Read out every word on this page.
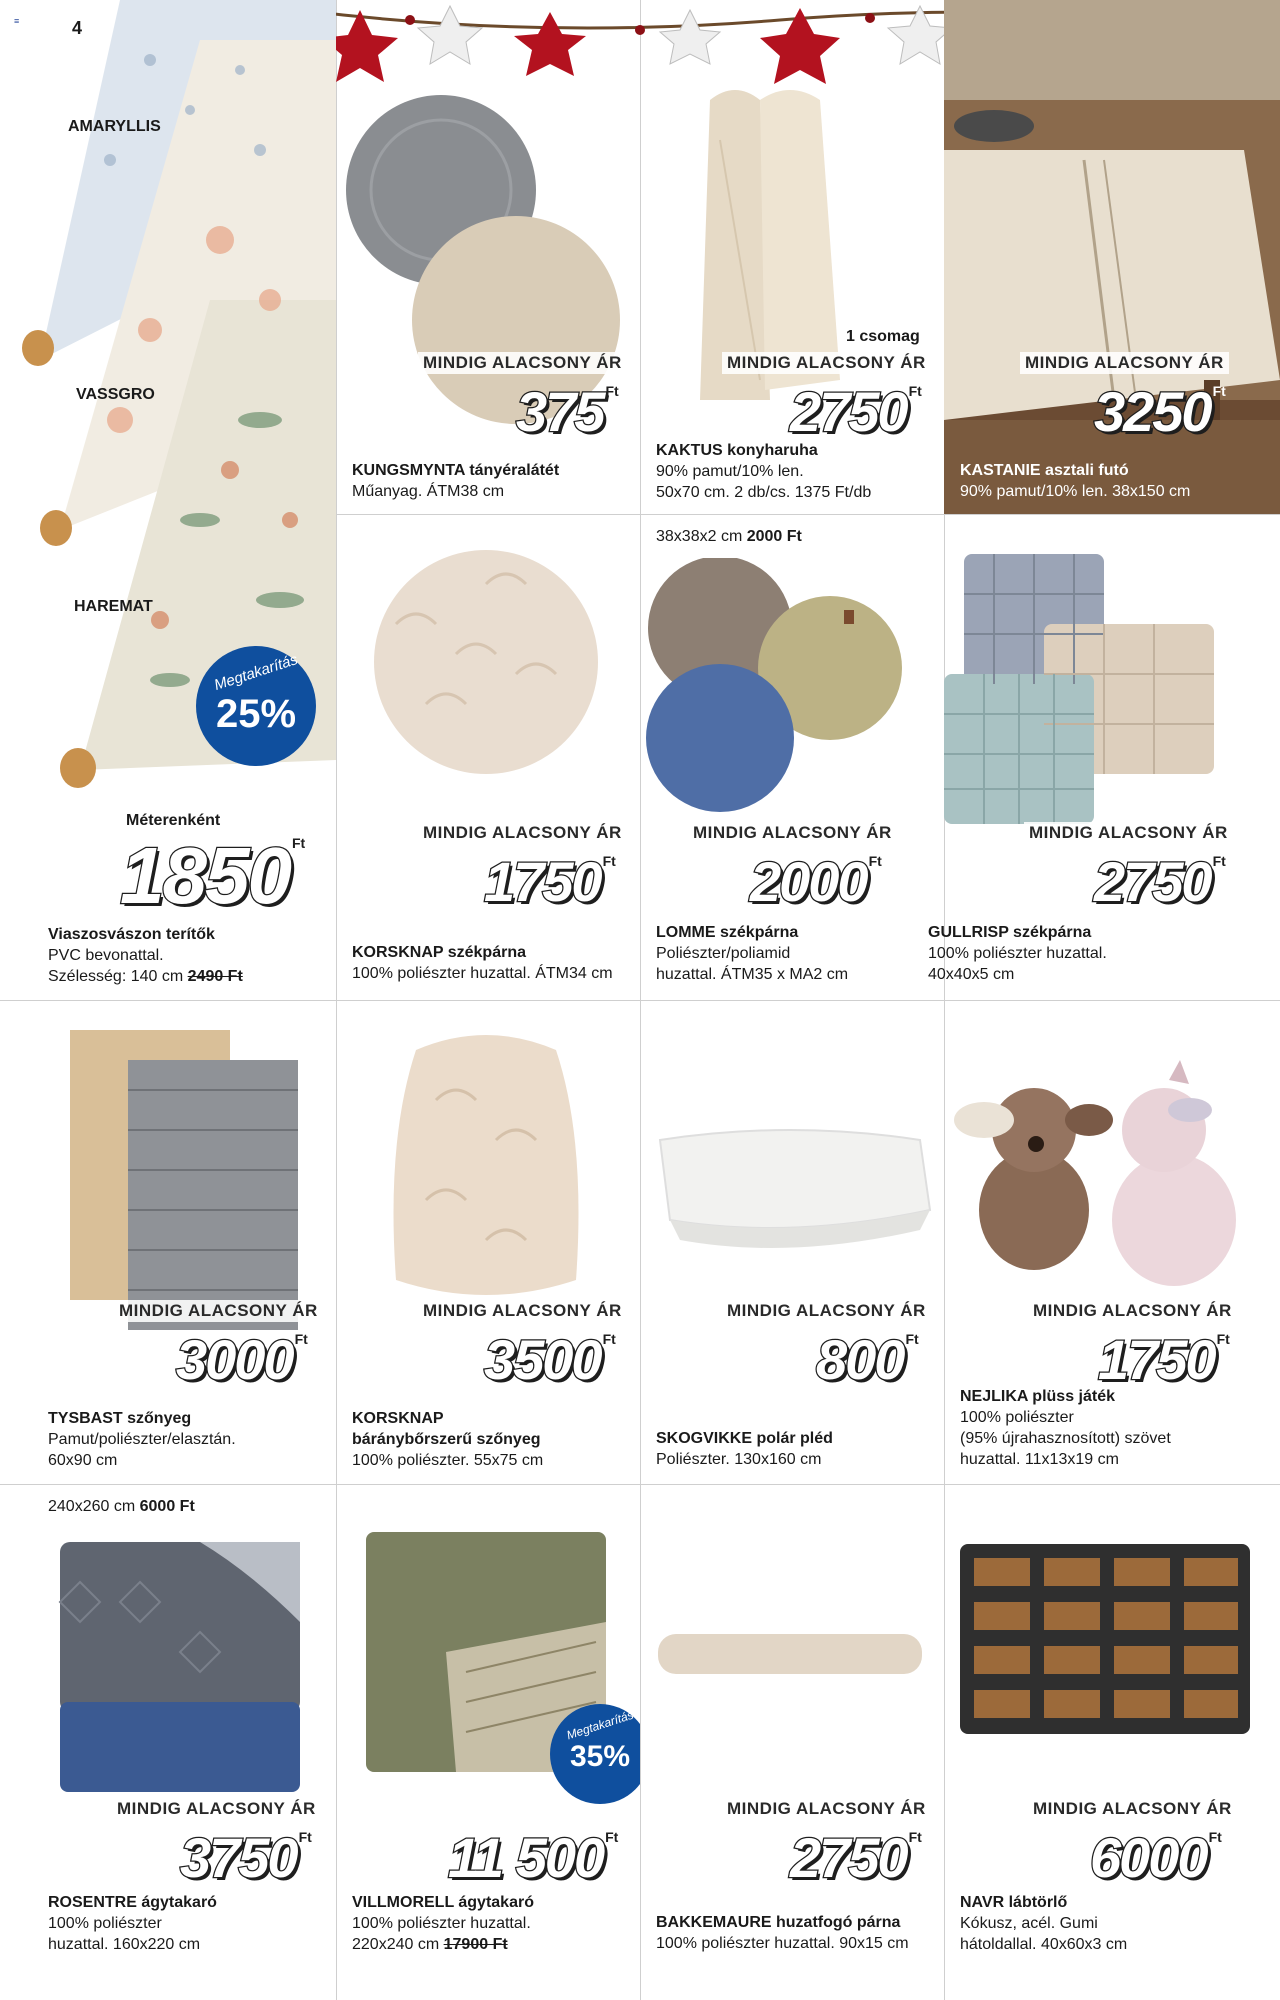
≡	4
AMARYLLIS
VASSGRO
HAREMAT
Megtakarítás
25%
Méterenként
1850 $^{Ft}$
Viaszosvászon terítők
PVC bevonattal.
Szélesség: 140 cm 2490 Ft
MINDIG ALACSONY ÁR
375 $^{Ft}$
KUNGSMYNTA tányéralátét
Műanyag. ÁTM38 cm
1 csomag
MINDIG ALACSONY ÁR
2750 $^{Ft}$
KAKTUS konyharuha
90% pamut/10% len.
50x70 cm. 2 db/cs. 1375 Ft/db
MINDIG ALACSONY ÁR
3250 $^{Ft}$
KASTANIE asztali futó
90% pamut/10% len. 38x150 cm
MINDIG ALACSONY ÁR
1750 $^{Ft}$
KORSKNAP székpárna
100% poliészter huzattal. ÁTM34 cm
38x38x2 cm 2000 Ft
MINDIG ALACSONY ÁR
2000 $^{Ft}$
LOMME székpárna
Poliészter/poliamid
huzattal. ÁTM35 x MA2 cm
MINDIG ALACSONY ÁR
2750 $^{Ft}$
GULLRISP székpárna
100% poliészter huzattal.
40x40x5 cm
MINDIG ALACSONY ÁR
3000 $^{Ft}$
TYSBAST szőnyeg
Pamut/poliészter/elasztán.
60x90 cm
MINDIG ALACSONY ÁR
3500 $^{Ft}$
KORSKNAP
báránybőrszerű szőnyeg
100% poliészter. 55x75 cm
MINDIG ALACSONY ÁR
800 $^{Ft}$
SKOGVIKKE polár pléd
Poliészter. 130x160 cm
MINDIG ALACSONY ÁR
1750 $^{Ft}$
NEJLIKA plüss játék
100% poliészter
(95% újrahasznosított) szövet
huzattal. 11x13x19 cm
240x260 cm 6000 Ft
MINDIG ALACSONY ÁR
3750 $^{Ft}$
ROSENTRE ágytakaró
100% poliészter
huzattal. 160x220 cm
Megtakarítás
35%
11 500 $^{Ft}$
VILLMORELL ágytakaró
100% poliészter huzattal.
220x240 cm 17900 Ft
MINDIG ALACSONY ÁR
2750 $^{Ft}$
BAKKEMAURE huzatfogó párna
100% poliészter huzattal. 90x15 cm
MINDIG ALACSONY ÁR
6000 $^{Ft}$
NAVR lábtörlő
Kókusz, acél. Gumi
hátoldallal. 40x60x3 cm
